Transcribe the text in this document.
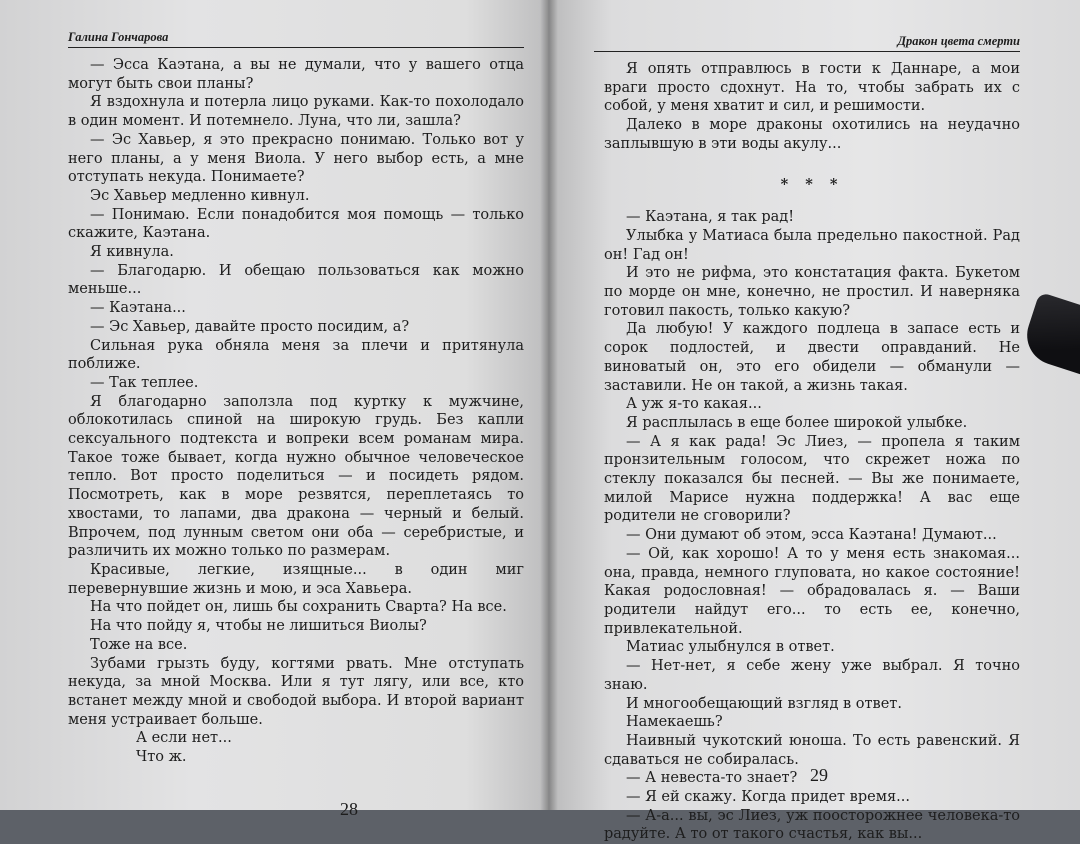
Галина Гончарова

— Эсса Каэтана, а вы не думали, что у вашего отца могут быть свои планы?

Я вздохнула и потерла лицо руками. Как-то похолодало в один момент. И потемнело. Луна, что ли, зашла?

— Эс Хавьер, я это прекрасно понимаю. Только вот у него планы, а у меня Виола. У него выбор есть, а мне отступать некуда. Понимаете?

Эс Хавьер медленно кивнул.

— Понимаю. Если понадобится моя помощь — только скажите, Каэтана.

Я кивнула.

— Благодарю. И обещаю пользоваться как можно меньше...

— Каэтана...

— Эс Хавьер, давайте просто посидим, а?

Сильная рука обняла меня за плечи и притянула поближе.

— Так теплее.

Я благодарно заползла под куртку к мужчине, облокотилась спиной на широкую грудь. Без капли сексуального подтекста и вопреки всем романам мира. Такое тоже бывает, когда нужно обычное человеческое тепло. Вот просто поделиться — и посидеть рядом. Посмотреть, как в море резвятся, переплетаясь то хвостами, то лапами, два дракона — черный и белый. Впрочем, под лунным светом они оба — серебристые, и различить их можно только по размерам.

Красивые, легкие, изящные... в один миг перевернувшие жизнь и мою, и эса Хавьера.

На что пойдет он, лишь бы сохранить Сварта? На все.

На что пойду я, чтобы не лишиться Виолы?

Тоже на все.

Зубами грызть буду, когтями рвать. Мне отступать некуда, за мной Москва. Или я тут лягу, или все, кто встанет между мной и свободой выбора. И второй вариант меня устраивает больше.

А если нет...

Что ж.

28
Дракон цвета смерти

Я опять отправлюсь в гости к Даннаре, а мои враги просто сдохнут. На то, чтобы забрать их с собой, у меня хватит и сил, и решимости.

Далеко в море драконы охотились на неудачно заплывшую в эти воды акулу...

* * *

— Каэтана, я так рад!

Улыбка у Матиаса была предельно пакостной. Рад он! Гад он!

И это не рифма, это констатация факта. Букетом по морде он мне, конечно, не простил. И наверняка готовил пакость, только какую?

Да любую! У каждого подлеца в запасе есть и сорок подлостей, и двести оправданий. Не виноватый он, это его обидели — обманули — заставили. Не он такой, а жизнь такая.

А уж я-то какая...

Я расплылась в еще более широкой улыбке.

— А я как рада! Эс Лиез, — пропела я таким пронзительным голосом, что скрежет ножа по стеклу показался бы песней. — Вы же понимаете, милой Марисе нужна поддержка! А вас еще родители не сговорили?

— Они думают об этом, эсса Каэтана! Думают...

— Ой, как хорошо! А то у меня есть знакомая... она, правда, немного глуповата, но какое состояние! Какая родословная! — обрадовалась я. — Ваши родители найдут его... то есть ее, конечно, привлекательной.

Матиас улыбнулся в ответ.

— Нет-нет, я себе жену уже выбрал. Я точно знаю.

И многообещающий взгляд в ответ.

Намекаешь?

Наивный чукотский юноша. То есть равенский. Я сдаваться не собиралась.

— А невеста-то знает?

— Я ей скажу. Когда придет время...

— А-а... вы, эс Лиез, уж поосторожнее человека-то радуйте. А то от такого счастья, как вы...

29
